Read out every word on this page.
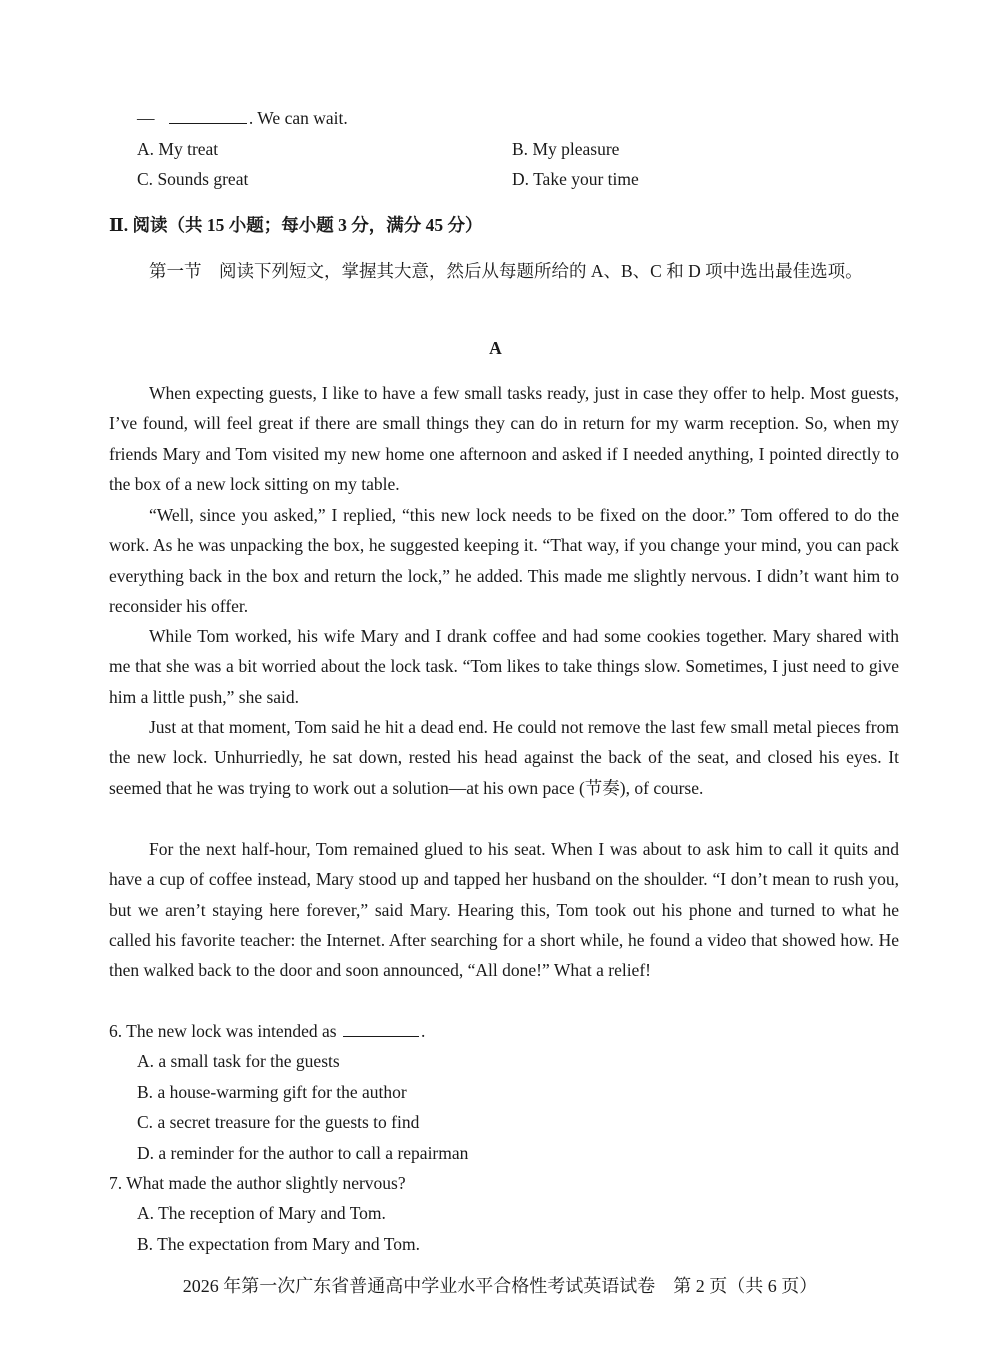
—	. We can wait.
A. My treat	B. My pleasure
C. Sounds great	D. Take your time
Ⅱ. 阅读（共 15 小题；每小题 3 分，满分 45 分）

第一节　阅读下列短文，掌握其大意，然后从每题所给的 A、B、C 和 D 项中选出最佳选项。

A

When expecting guests, I like to have a few small tasks ready, just in case they offer to help. Most guests, I’ve found, will feel great if there are small things they can do in return for my warm reception. So, when my friends Mary and Tom visited my new home one afternoon and asked if I needed anything, I pointed directly to the box of a new lock sitting on my table.

“Well, since you asked,” I replied, “this new lock needs to be fixed on the door.” Tom offered to do the work. As he was unpacking the box, he suggested keeping it. “That way, if you change your mind, you can pack everything back in the box and return the lock,” he added. This made me slightly nervous. I didn’t want him to reconsider his offer.

While Tom worked, his wife Mary and I drank coffee and had some cookies together. Mary shared with me that she was a bit worried about the lock task. “Tom likes to take things slow. Sometimes, I just need to give him a little push,” she said.

Just at that moment, Tom said he hit a dead end. He could not remove the last few small metal pieces from the new lock. Unhurriedly, he sat down, rested his head against the back of the seat, and closed his eyes. It seemed that he was trying to work out a solution—at his own pace (节奏), of course.

For the next half-hour, Tom remained glued to his seat. When I was about to ask him to call it quits and have a cup of coffee instead, Mary stood up and tapped her husband on the shoulder. “I don’t mean to rush you, but we aren’t staying here forever,” said Mary. Hearing this, Tom took out his phone and turned to what he called his favorite teacher: the Internet. After searching for a short while, he found a video that showed how. He then walked back to the door and soon announced, “All done!” What a relief!

6. The new lock was intended as	.
A. a small task for the guests
B. a house-warming gift for the author
C. a secret treasure for the guests to find
D. a reminder for the author to call a repairman
7. What made the author slightly nervous?
A. The reception of Mary and Tom.
B. The expectation from Mary and Tom.
2026 年第一次广东省普通高中学业水平合格性考试英语试卷　第 2 页（共 6 页）
